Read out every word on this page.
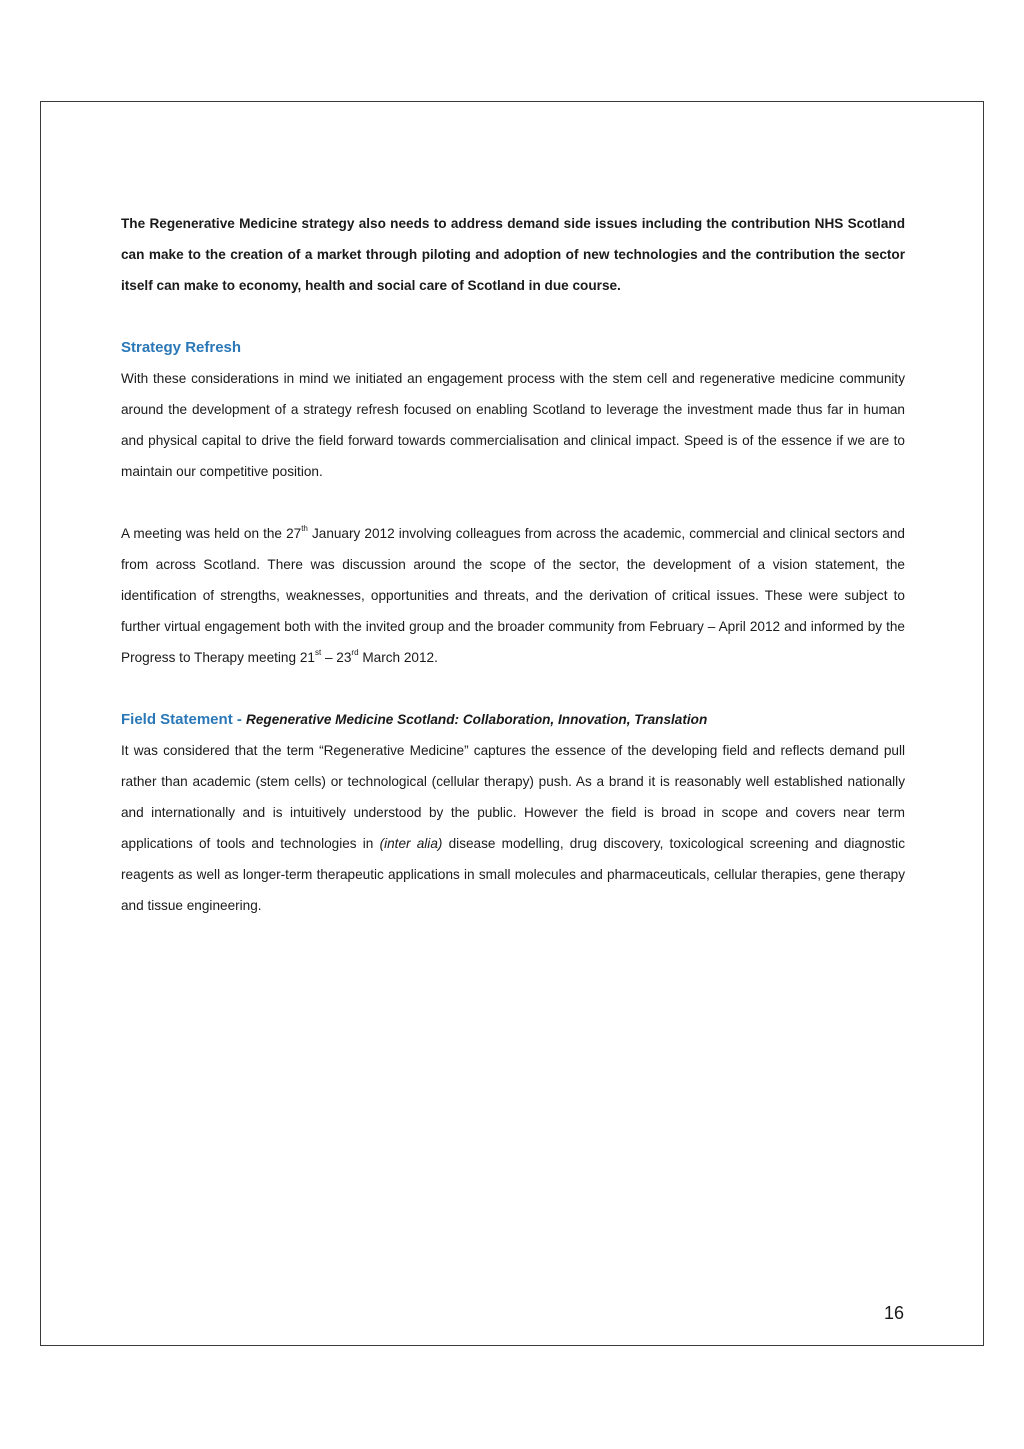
The Regenerative Medicine strategy also needs to address demand side issues including the contribution NHS Scotland can make to the creation of a market through piloting and adoption of new technologies and the contribution the sector itself can make to economy, health and social care of Scotland in due course.

Strategy Refresh

With these considerations in mind we initiated an engagement process with the stem cell and regenerative medicine community around the development of a strategy refresh focused on enabling Scotland to leverage the investment made thus far in human and physical capital to drive the field forward towards commercialisation and clinical impact. Speed is of the essence if we are to maintain our competitive position.

A meeting was held on the 27th January 2012 involving colleagues from across the academic, commercial and clinical sectors and from across Scotland. There was discussion around the scope of the sector, the development of a vision statement, the identification of strengths, weaknesses, opportunities and threats, and the derivation of critical issues. These were subject to further virtual engagement both with the invited group and the broader community from February – April 2012 and informed by the Progress to Therapy meeting 21st – 23rd March 2012.

Field Statement - Regenerative Medicine Scotland: Collaboration, Innovation, Translation

It was considered that the term “Regenerative Medicine” captures the essence of the developing field and reflects demand pull rather than academic (stem cells) or technological (cellular therapy) push. As a brand it is reasonably well established nationally and internationally and is intuitively understood by the public. However the field is broad in scope and covers near term applications of tools and technologies in (inter alia) disease modelling, drug discovery, toxicological screening and diagnostic reagents as well as longer-term therapeutic applications in small molecules and pharmaceuticals, cellular therapies, gene therapy and tissue engineering.

16
